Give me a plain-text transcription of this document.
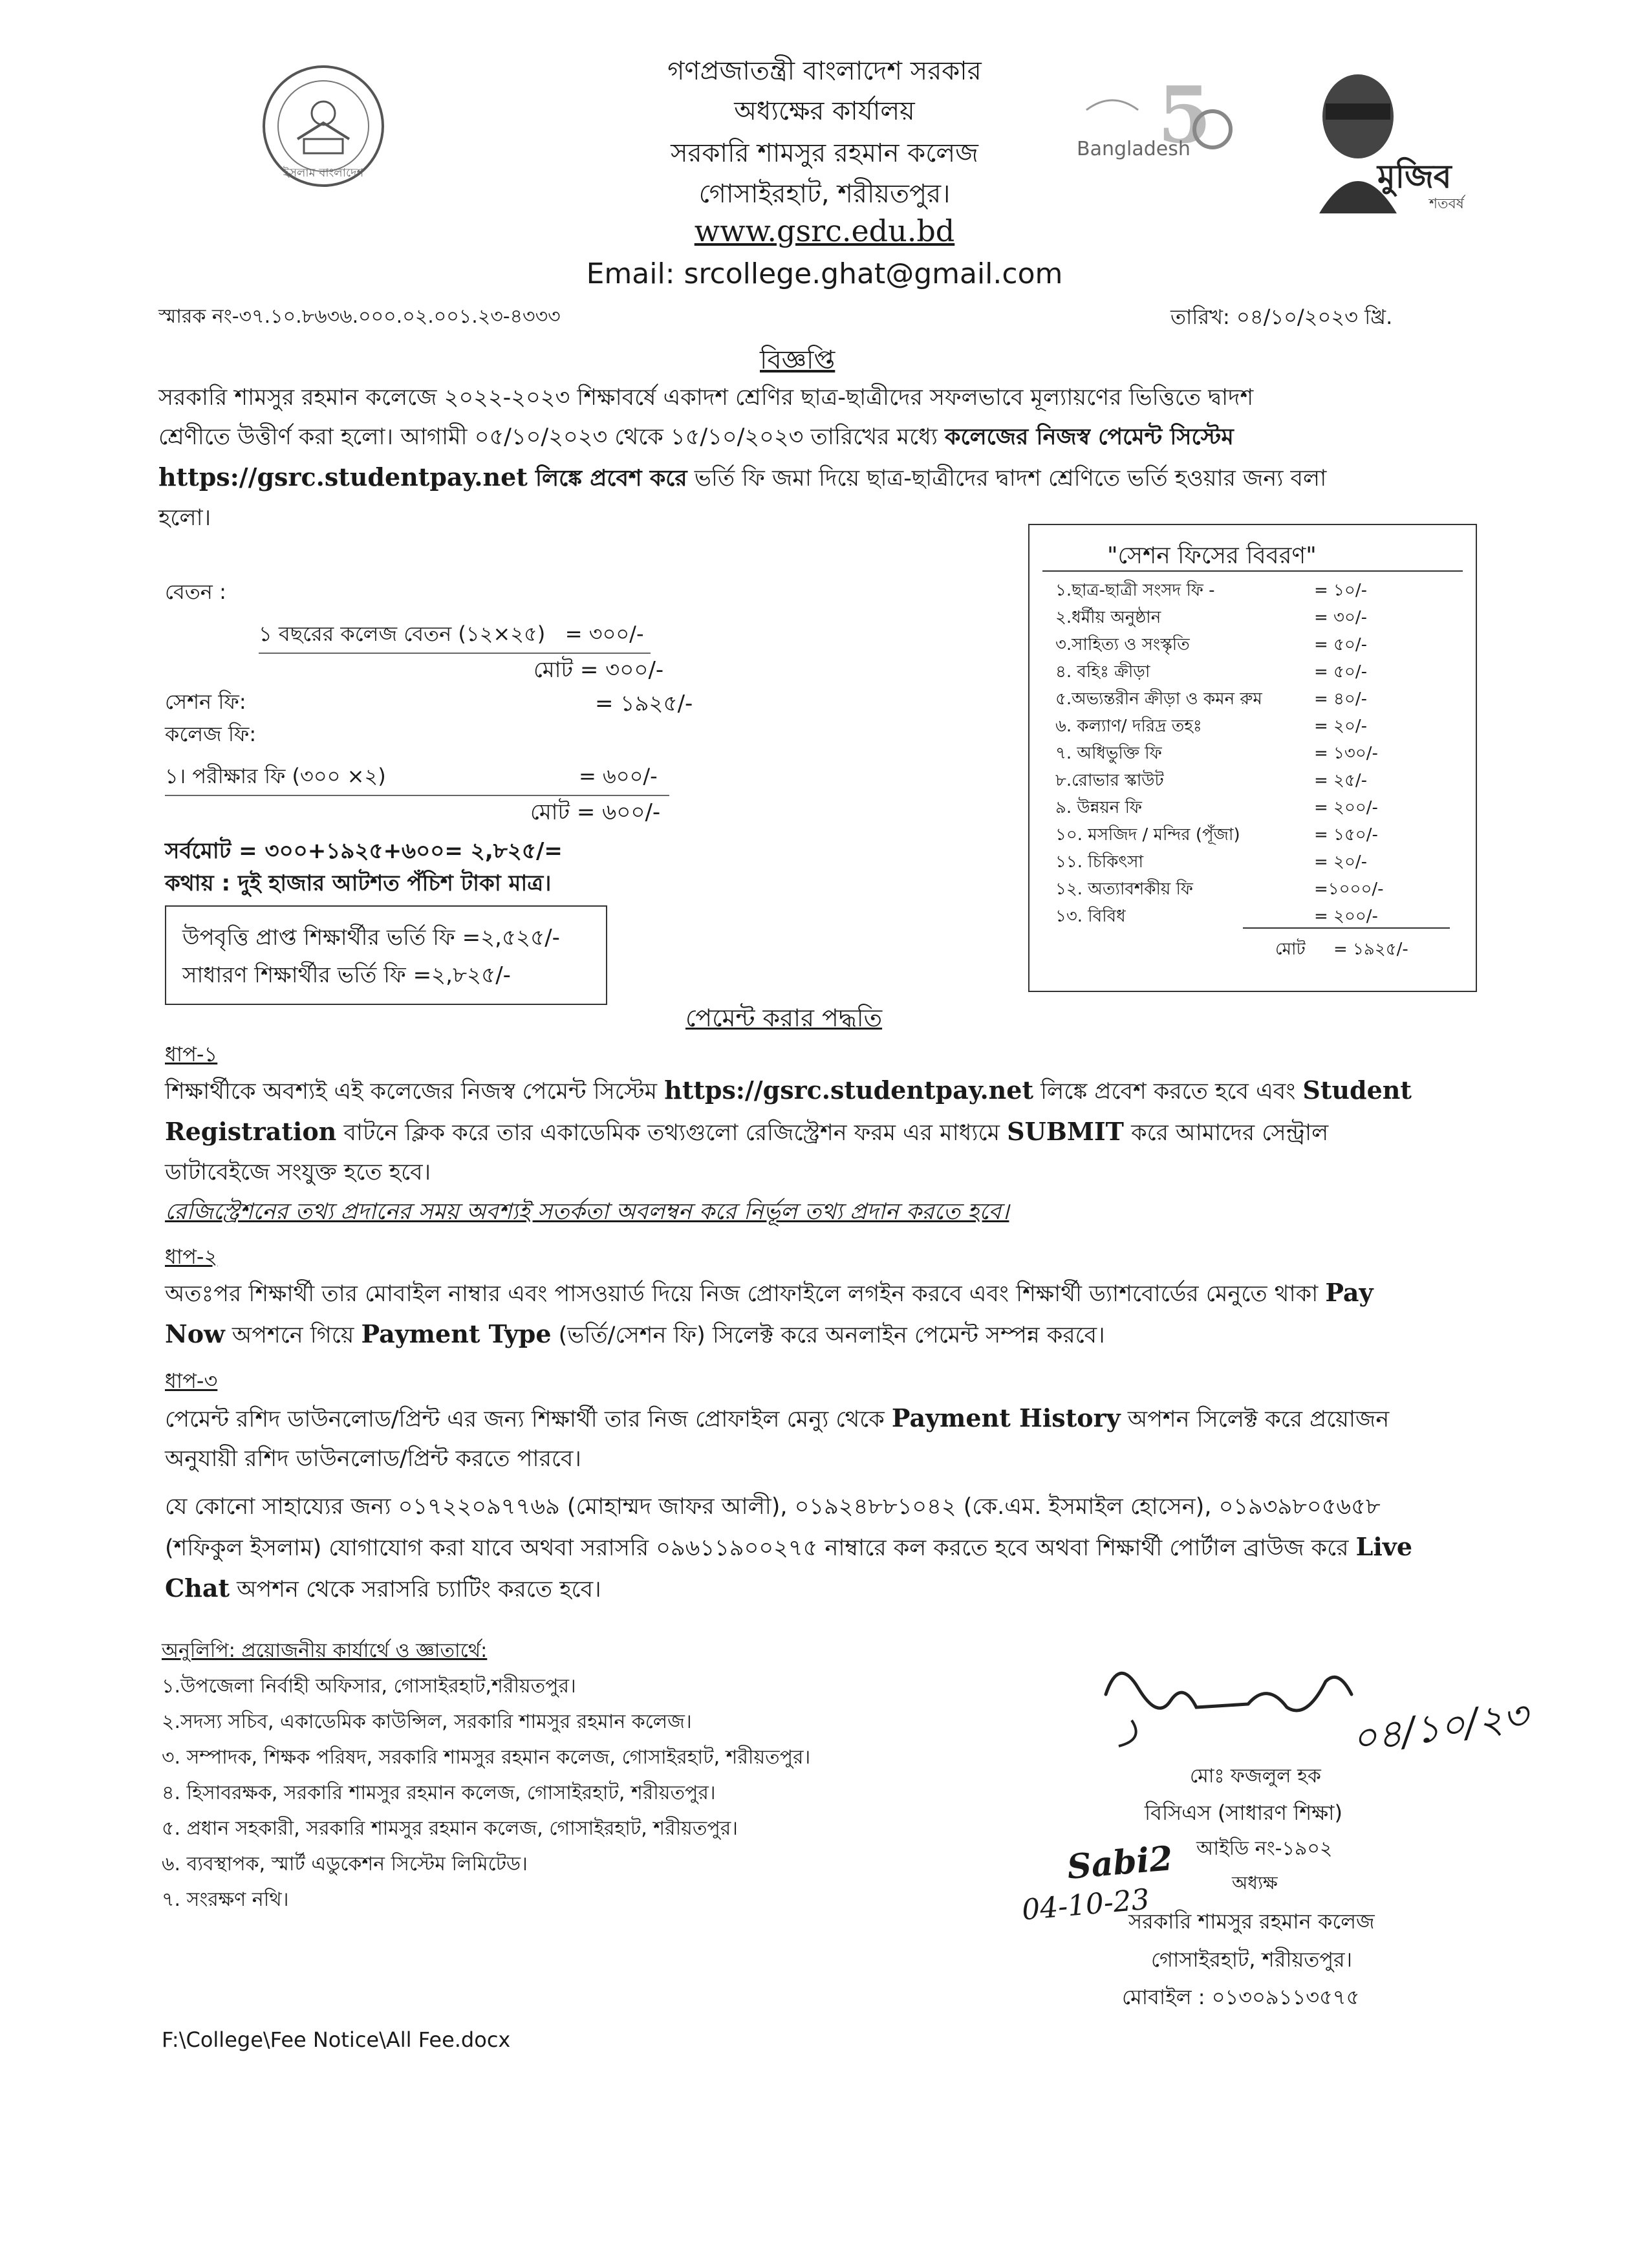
ইসলাম বাংলাদেশ
গণপ্রজাতন্ত্রী বাংলাদেশ সরকার
অধ্যক্ষের কার্যালয়
সরকারি শামসুর রহমান কলেজ
গোসাইরহাট, শরীয়তপুর।
www.gsrc.edu.bd
Email: srcollege.ghat@gmail.com
5
Bangladesh
মুজিব
শতবর্ষ
স্মারক নং-৩৭.১০.৮৬৩৬.০০০.০২.০০১.২৩-৪৩৩৩	তারিখ: ০৪/১০/২০২৩ খ্রি.
বিজ্ঞপ্তি
সরকারি শামসুর রহমান কলেজে ২০২২-২০২৩ শিক্ষাবর্ষে একাদশ শ্রেণির ছাত্র-ছাত্রীদের সফলভাবে মূল্যায়ণের ভিত্তিতে দ্বাদশ
শ্রেণীতে উত্তীর্ণ করা হলো। আগামী ০৫/১০/২০২৩ থেকে ১৫/১০/২০২৩ তারিখের মধ্যে কলেজের নিজস্ব পেমেন্ট সিস্টেম
https://gsrc.studentpay.net লিঙ্কে প্রবেশ করে ভর্তি ফি জমা দিয়ে ছাত্র-ছাত্রীদের দ্বাদশ শ্রেণিতে ভর্তি হওয়ার জন্য বলা
হলো।
বেতন :
১ বছরের কলেজ বেতন (১২×২৫) = ৩০০/-
মোট = ৩০০/-
সেশন ফি:	= ১৯২৫/-
কলেজ ফি:
১। পরীক্ষার ফি (৩০০ ×২)	= ৬০০/-
মোট = ৬০০/-
সর্বমোট = ৩০০+১৯২৫+৬০০= ২,৮২৫/=
কথায় : দুই হাজার আটশত পঁচিশ টাকা মাত্র।
উপবৃত্তি প্রাপ্ত শিক্ষার্থীর ভর্তি ফি =২,৫২৫/-
সাধারণ শিক্ষার্থীর ভর্তি ফি =২,৮২৫/-
"সেশন ফিসের বিবরণ"
১.ছাত্র-ছাত্রী সংসদ ফি -	= ১০/-
২.ধর্মীয় অনুষ্ঠান	= ৩০/-
৩.সাহিত্য ও সংস্কৃতি	= ৫০/-
৪. বহিঃ ক্রীড়া	= ৫০/-
৫.অভ্যন্তরীন ক্রীড়া ও কমন রুম	= ৪০/-
৬. কল্যাণ/ দরিদ্র তহঃ	= ২০/-
৭. অধিভুক্তি ফি	= ১৩০/-
৮.রোভার স্কাউট	= ২৫/-
৯. উন্নয়ন ফি	= ২০০/-
১০. মসজিদ / মন্দির (পূঁজা)	= ১৫০/-
১১. চিকিৎসা	= ২০/-
১২. অত্যাবশকীয় ফি	=১০০০/-
১৩. বিবিধ	= ২০০/-
মোট = ১৯২৫/-
পেমেন্ট করার পদ্ধতি
ধাপ-১
শিক্ষার্থীকে অবশ্যই এই কলেজের নিজস্ব পেমেন্ট সিস্টেম https://gsrc.studentpay.net লিঙ্কে প্রবেশ করতে হবে এবং Student
Registration বাটনে ক্লিক করে তার একাডেমিক তথ্যগুলো রেজিস্ট্রেশন ফরম এর মাধ্যমে SUBMIT করে আমাদের সেন্ট্রাল
ডাটাবেইজে সংযুক্ত হতে হবে।
রেজিস্ট্রেশনের তথ্য প্রদানের সময় অবশ্যই সতর্কতা অবলম্বন করে নির্ভূল তথ্য প্রদান করতে হবে।
ধাপ-২
অতঃপর শিক্ষার্থী তার মোবাইল নাম্বার এবং পাসওয়ার্ড দিয়ে নিজ প্রোফাইলে লগইন করবে এবং শিক্ষার্থী ড্যাশবোর্ডের মেনুতে থাকা Pay
Now অপশনে গিয়ে Payment Type (ভর্তি/সেশন ফি) সিলেক্ট করে অনলাইন পেমেন্ট সম্পন্ন করবে।
ধাপ-৩
পেমেন্ট রশিদ ডাউনলোড/প্রিন্ট এর জন্য শিক্ষার্থী তার নিজ প্রোফাইল মেন্যু থেকে Payment History অপশন সিলেক্ট করে প্রয়োজন
অনুযায়ী রশিদ ডাউনলোড/প্রিন্ট করতে পারবে।
যে কোনো সাহায্যের জন্য ০১৭২২০৯৭৭৬৯ (মোহাম্মদ জাফর আলী), ০১৯২৪৮৮১০৪২ (কে.এম. ইসমাইল হোসেন), ০১৯৩৯৮০৫৬৫৮
(শফিকুল ইসলাম) যোগাযোগ করা যাবে অথবা সরাসরি ০৯৬১১৯০০২৭৫ নাম্বারে কল করতে হবে অথবা শিক্ষার্থী পোর্টাল ব্রাউজ করে Live
Chat অপশন থেকে সরাসরি চ্যাটিং করতে হবে।
অনুলিপি: প্রয়োজনীয় কার্যার্থে ও জ্ঞাতার্থে:
১.উপজেলা নির্বাহী অফিসার, গোসাইরহাট,শরীয়তপুর।
২.সদস্য সচিব, একাডেমিক কাউন্সিল, সরকারি শামসুর রহমান কলেজ।
৩. সম্পাদক, শিক্ষক পরিষদ, সরকারি শামসুর রহমান কলেজ, গোসাইরহাট, শরীয়তপুর।
৪. হিসাবরক্ষক, সরকারি শামসুর রহমান কলেজ, গোসাইরহাট, শরীয়তপুর।
৫. প্রধান সহকারী, সরকারি শামসুর রহমান কলেজ, গোসাইরহাট, শরীয়তপুর।
৬. ব্যবস্থাপক, স্মার্ট এডুকেশন সিস্টেম লিমিটেড।
৭. সংরক্ষণ নথি।
০৪/১০/২৩
Sabi2
04-10-23
মোঃ ফজলুল হক
বিসিএস (সাধারণ শিক্ষা)
আইডি নং-১৯০২
অধ্যক্ষ
সরকারি শামসুর রহমান কলেজ
গোসাইরহাট, শরীয়তপুর।
মোবাইল : ০১৩০৯১১৩৫৭৫
F:\College\Fee Notice\All Fee.docx
